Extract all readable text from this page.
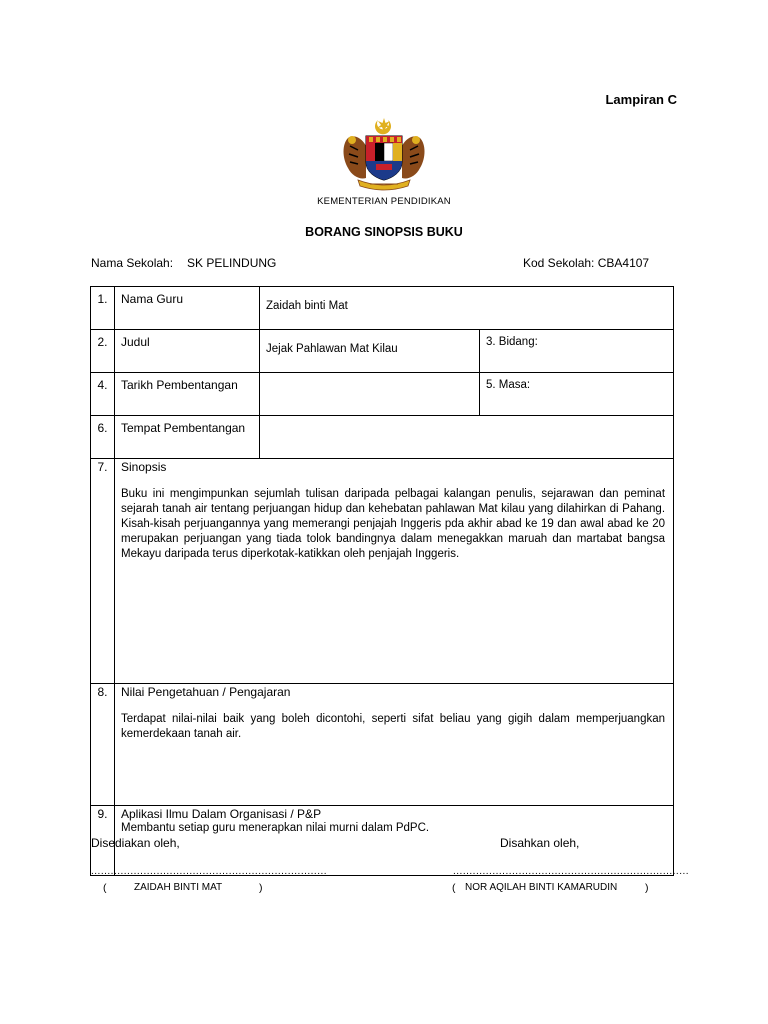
Lampiran C
KEMENTERIAN PENDIDIKAN
BORANG SINOPSIS BUKU
Nama Sekolah: SK PELINDUNG	Kod Sekolah: CBA4107
1.	Nama Guru	Zaidah binti Mat	
2.	Judul	Jejak Pahlawan Mat Kilau	3. Bidang:
4.	Tarikh Pembentangan		5. Masa:
6.	Tempat Pembentangan		
7.	Sinopsis
Buku ini mengimpunkan sejumlah tulisan daripada pelbagai kalangan penulis, sejarawan dan peminat sejarah tanah air tentang perjuangan hidup dan kehebatan pahlawan Mat kilau yang dilahirkan di Pahang. Kisah-kisah perjuangannya yang memerangi penjajah Inggeris pda akhir abad ke 19 dan awal abad ke 20 merupakan perjuangan yang tiada tolok bandingnya dalam menegakkan maruah dan martabat bangsa Mekayu daripada terus diperkotak-katikkan oleh penjajah Inggeris.		

8.	Nilai Pengetahuan / Pengajaran
Terdapat nilai-nilai baik yang boleh dicontohi, seperti sifat beliau yang gigih dalam memperjuangkan kemerdekaan tanah air.		

9.	Aplikasi Ilmu Dalam Organisasi / P&P
Membantu setiap guru menerapkan nilai murni dalam PdPC.		
Disediakan oleh,	Disahkan oleh,
........................................................................	........................................................................
(	ZAIDAH BINTI MAT	)	( NOR AQILAH BINTI KAMARUDIN	)
